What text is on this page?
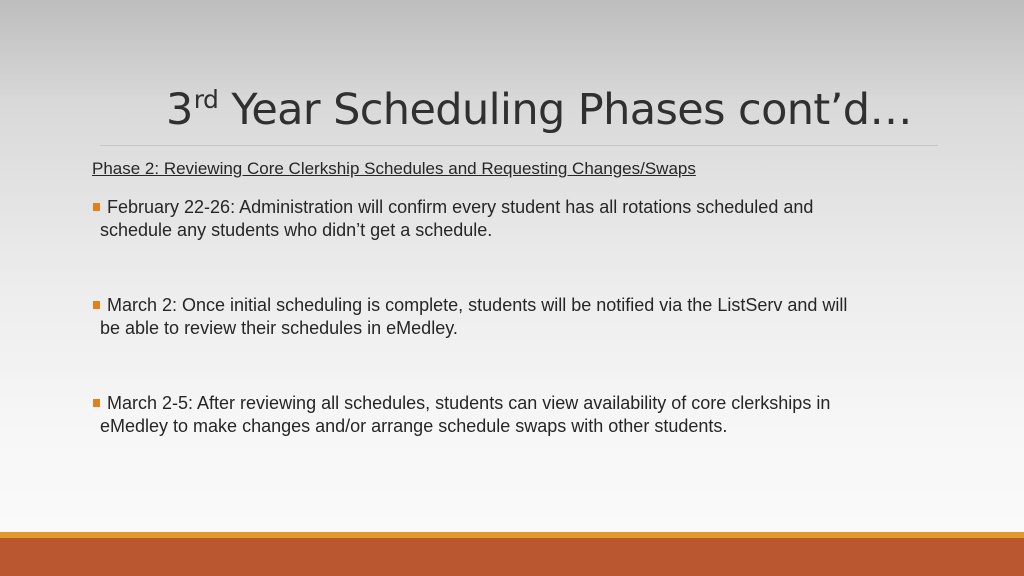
3rd Year Scheduling Phases cont’d…

Phase 2: Reviewing Core Clerkship Schedules and Requesting Changes/Swaps

February 22-26: Administration will confirm every student has all rotations scheduled and
schedule any students who didn’t get a schedule.
March 2: Once initial scheduling is complete, students will be notified via the ListServ and will
be able to review their schedules in eMedley.
March 2-5: After reviewing all schedules, students can view availability of core clerkships in
eMedley to make changes and/or arrange schedule swaps with other students.
